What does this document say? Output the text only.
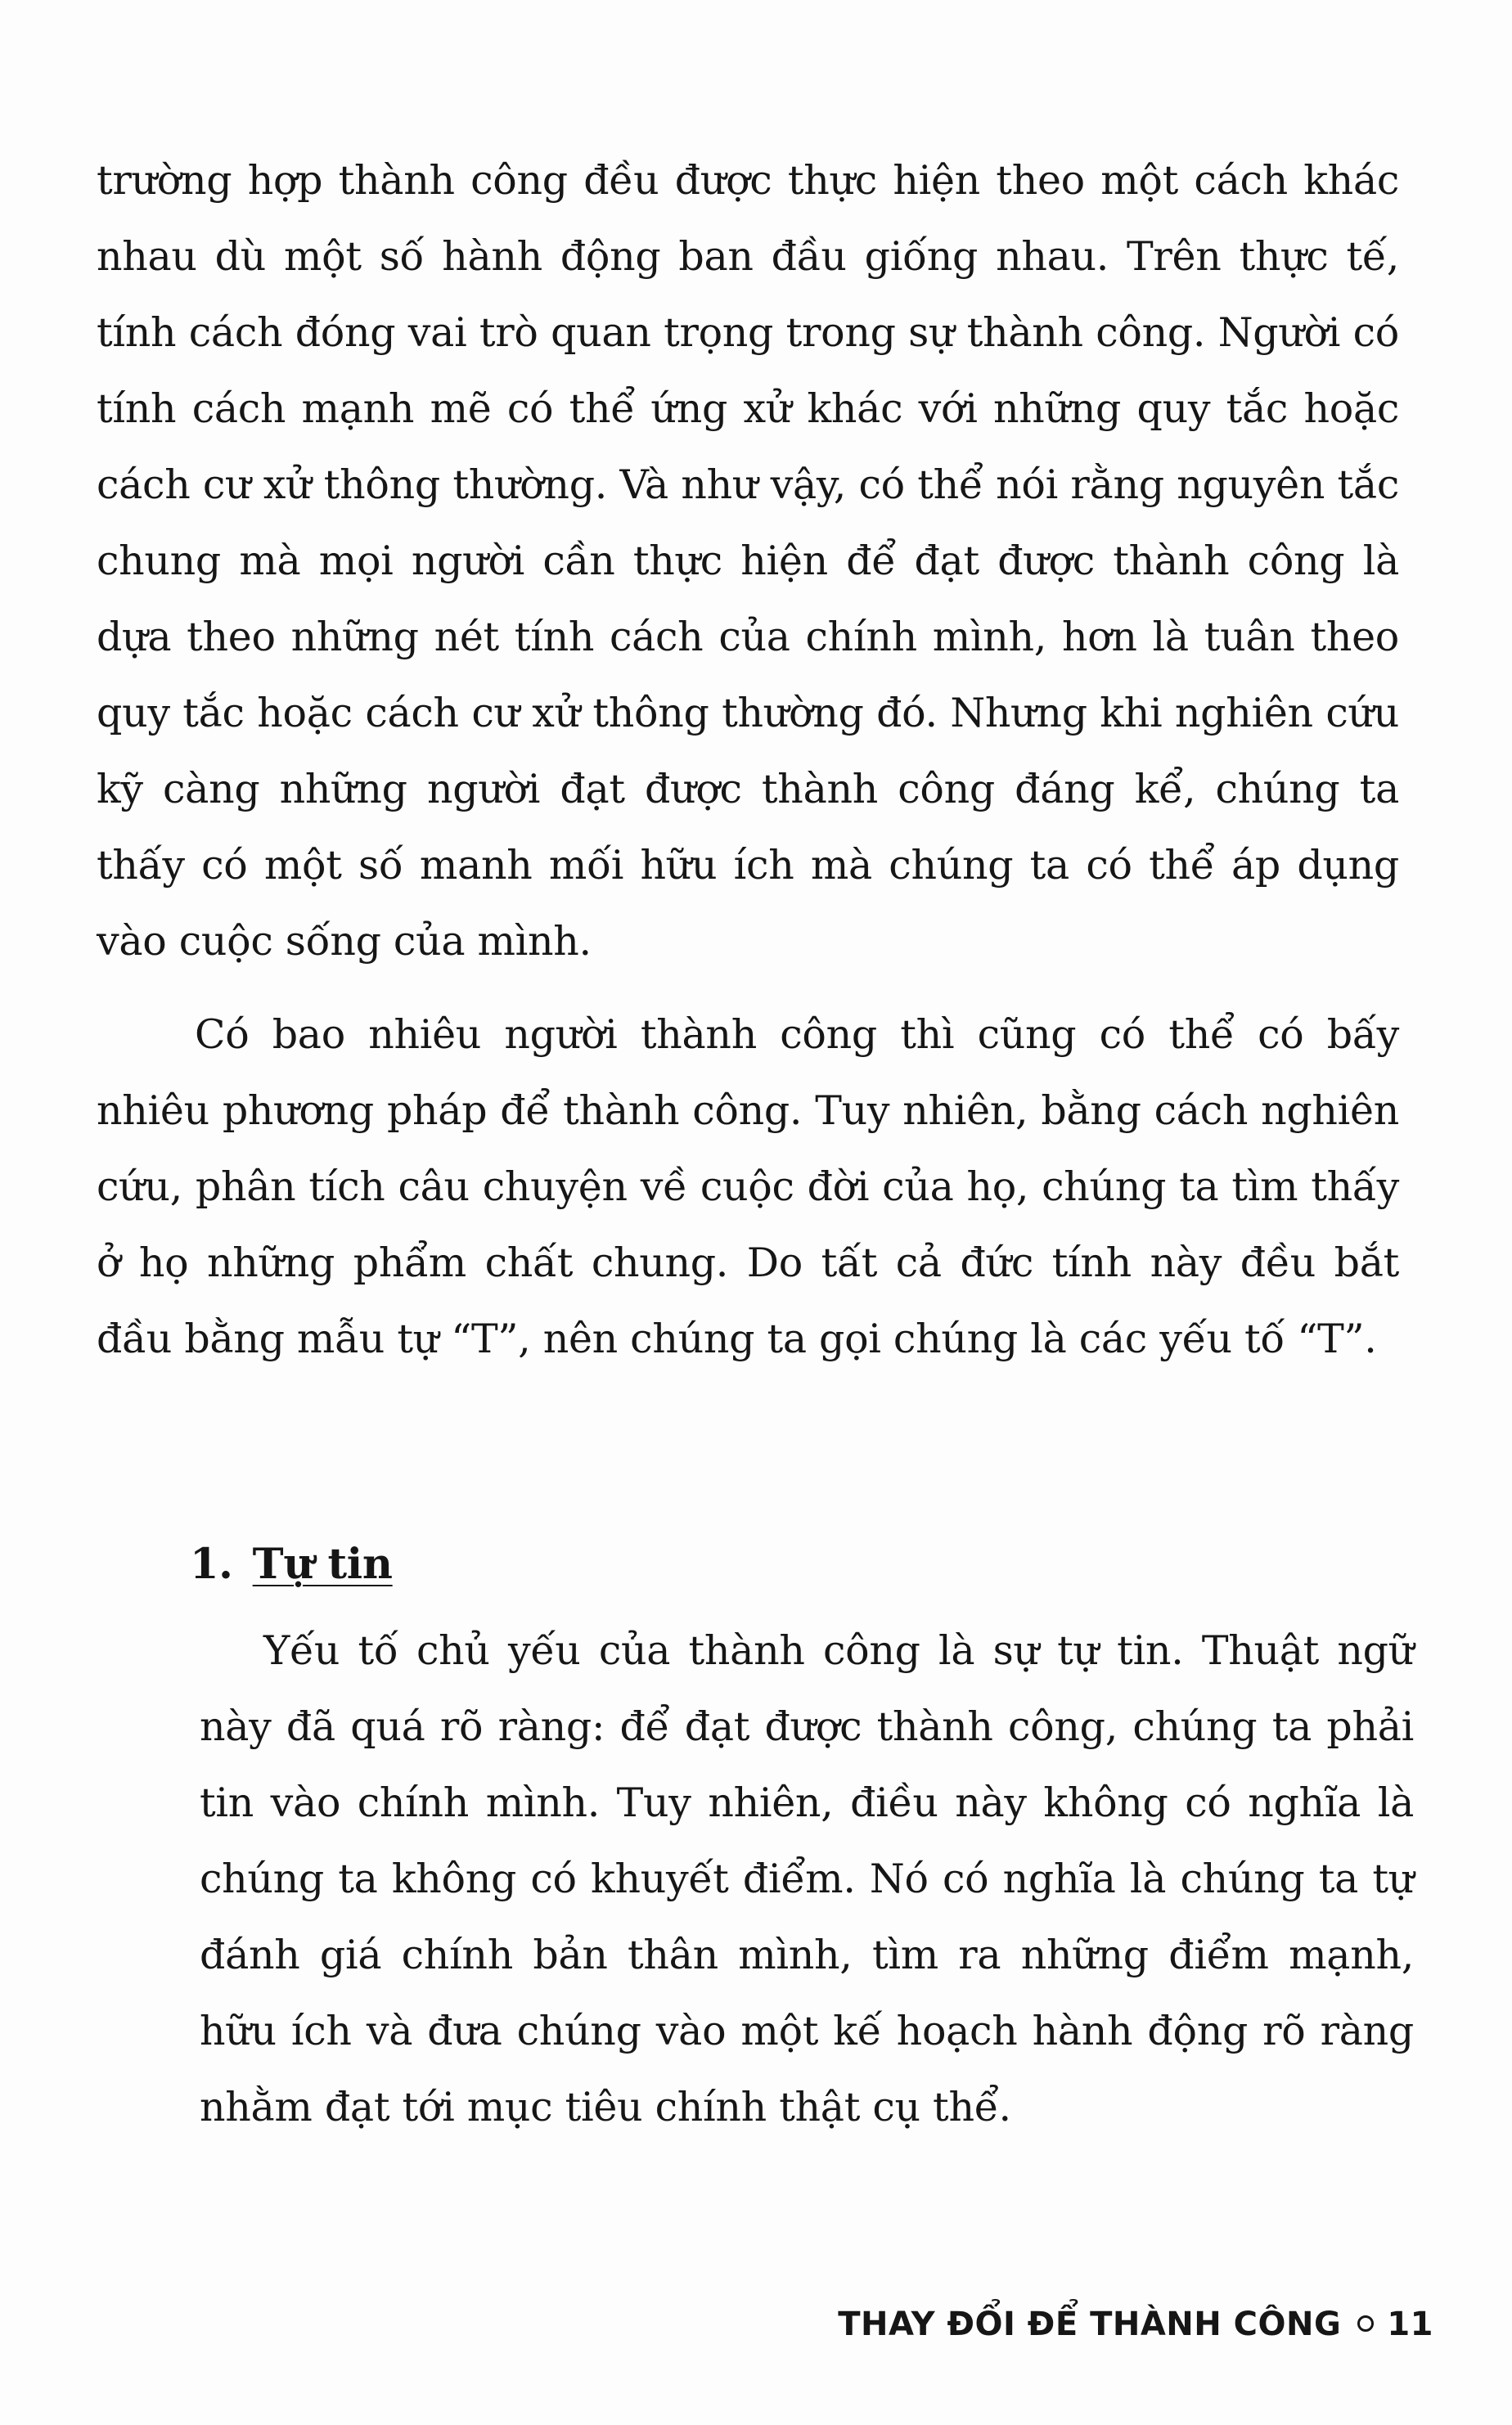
trường hợp thành công đều được thực hiện theo một cách khác nhau dù một số hành động ban đầu giống nhau. Trên thực tế, tính cách đóng vai trò quan trọng trong sự thành công. Người có tính cách mạnh mẽ có thể ứng xử khác với những quy tắc hoặc cách cư xử thông thường. Và như vậy, có thể nói rằng nguyên tắc chung mà mọi người cần thực hiện để đạt được thành công là dựa theo những nét tính cách của chính mình, hơn là tuân theo quy tắc hoặc cách cư xử thông thường đó. Nhưng khi nghiên cứu kỹ càng những người đạt được thành công đáng kể, chúng ta thấy có một số manh mối hữu ích mà chúng ta có thể áp dụng vào cuộc sống của mình.

Có bao nhiêu người thành công thì cũng có thể có bấy nhiêu phương pháp để thành công. Tuy nhiên, bằng cách nghiên cứu, phân tích câu chuyện về cuộc đời của họ, chúng ta tìm thấy ở họ những phẩm chất chung. Do tất cả đức tính này đều bắt đầu bằng mẫu tự “T”, nên chúng ta gọi chúng là các yếu tố “T”.

1. Tự tin

Yếu tố chủ yếu của thành công là sự tự tin. Thuật ngữ này đã quá rõ ràng: để đạt được thành công, chúng ta phải tin vào chính mình. Tuy nhiên, điều này không có nghĩa là chúng ta không có khuyết điểm. Nó có nghĩa là chúng ta tự đánh giá chính bản thân mình, tìm ra những điểm mạnh, hữu ích và đưa chúng vào một kế hoạch hành động rõ ràng nhằm đạt tới mục tiêu chính thật cụ thể.

THAY ĐỔI ĐỂ THÀNH CÔNG 11
